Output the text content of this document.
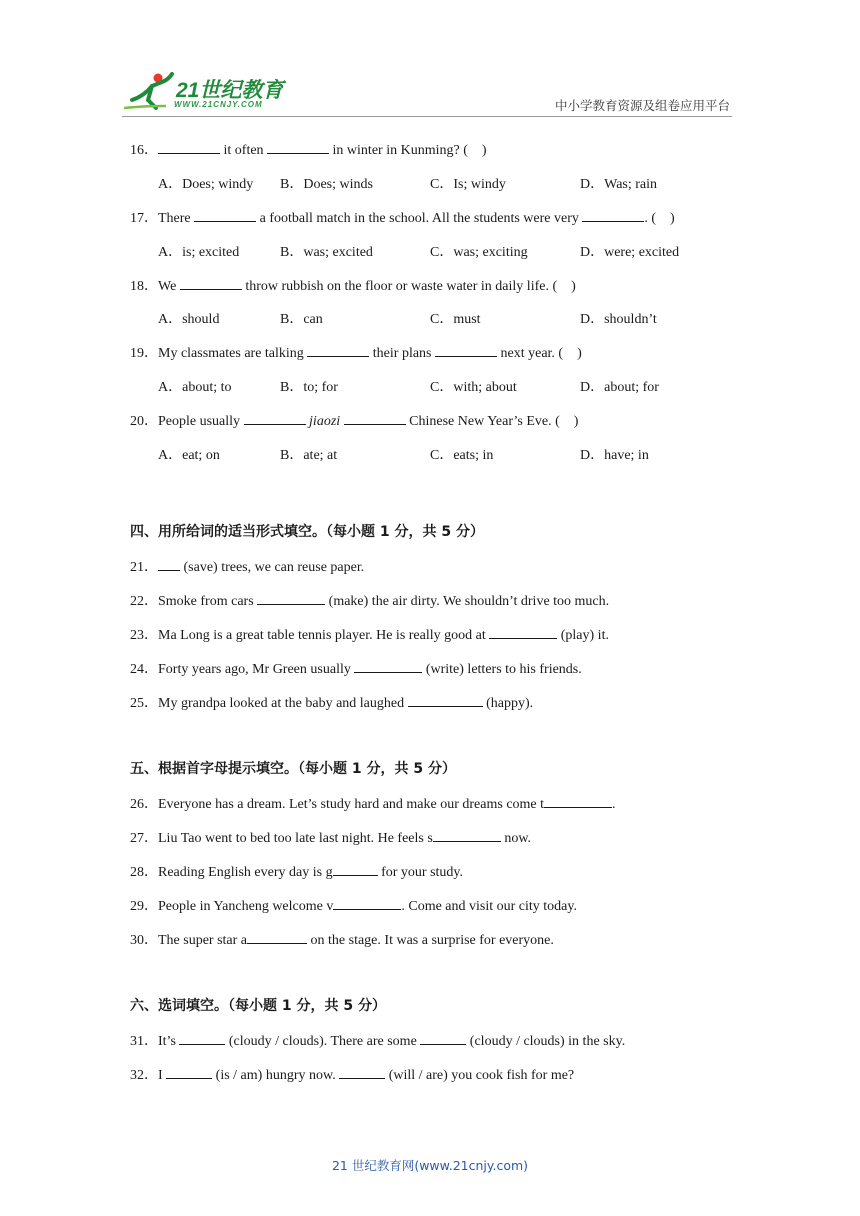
21世纪教育
WWW.21CNJY.COM	中小学教育资源及组卷应用平台
16．	it often	in winter in Kunming? (    )
A．Does; windy B．Does; winds	C．Is; windy	D．Was; rain
17．There	a football match in the school. All the students were very	. (    )
A．is; excited	B．was; excited	C．was; exciting	D．were; excited
18．We	throw rubbish on the floor or waste water in daily life. (    )
A．should	B．can	C．must	D．shouldn’t
19．My classmates are talking	their plans	next year. (    )
A．about; to	B．to; for	C．with; about	D．about; for
20．People usually	jiaozi	Chinese New Year’s Eve. (    )
A．eat; on	B．ate; at	C．eats; in	D．have; in
四、用所给词的适当形式填空。（每小题 1 分，共 5 分）
21． (save) trees, we can reuse paper.
22．Smoke from cars	(make) the air dirty. We shouldn’t drive too much.
23．Ma Long is a great table tennis player. He is really good at	(play) it.
24．Forty years ago, Mr Green usually	(write) letters to his friends.
25．My grandpa looked at the baby and laughed	(happy).
五、根据首字母提示填空。（每小题 1 分，共 5 分）
26．Everyone has a dream. Let’s study hard and make our dreams come t	.
27．Liu Tao went to bed too late last night. He feels s	now.
28．Reading English every day is g	for your study.
29．People in Yancheng welcome v	. Come and visit our city today.
30．The super star a	on the stage. It was a surprise for everyone.
六、选词填空。（每小题 1 分，共 5 分）
31．It’s	(cloudy / clouds). There are some	(cloudy / clouds) in the sky.
32．I	(is / am) hungry now.	(will / are) you cook fish for me?
21 世纪教育网(www.21cnjy.com)
